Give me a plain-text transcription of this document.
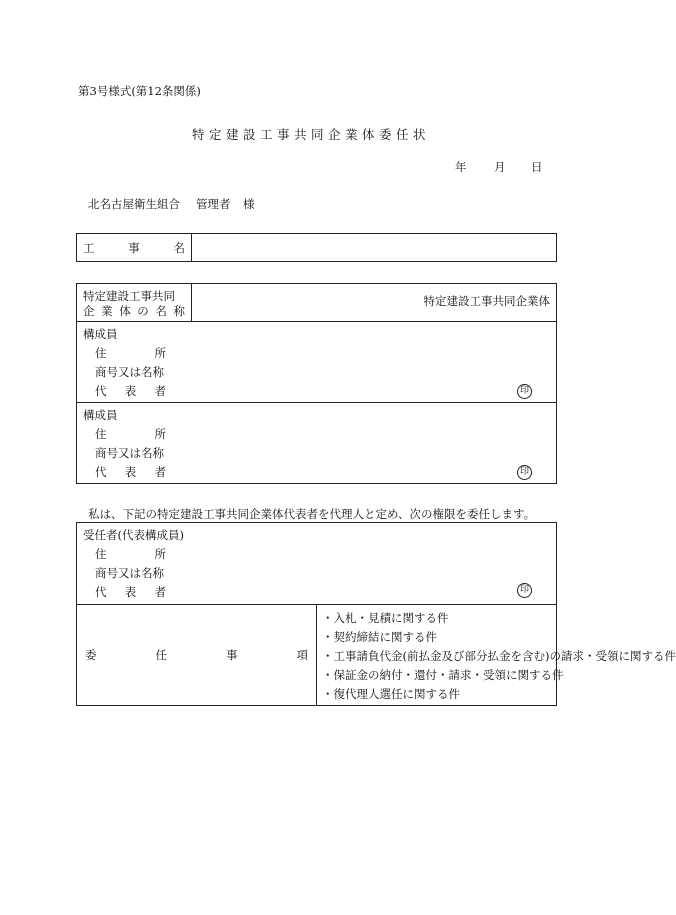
第3号様式(第12条関係)
特定建設工事共同企業体委任状
年 月 日
北名古屋衛生組合 管理者 様
工	事	名

特定建設工事共同
企 業 体 の 名 称

特定建設工事共同企業体

構成員
住	所
商号又は名称
代 表 者	印

構成員
住	所
商号又は名称
代 表 者	印
私は、下記の特定建設工事共同企業体代表者を代理人と定め、次の権限を委任します。
受任者(代表構成員)
住	所
商号又は名称
代 表 者	印

委	任	事	項

・入札・見積に関する件
・契約締結に関する件
・工事請負代金(前払金及び部分払金を含む)の請求・受領に関する件
・保証金の納付・還付・請求・受領に関する件
・復代理人選任に関する件
